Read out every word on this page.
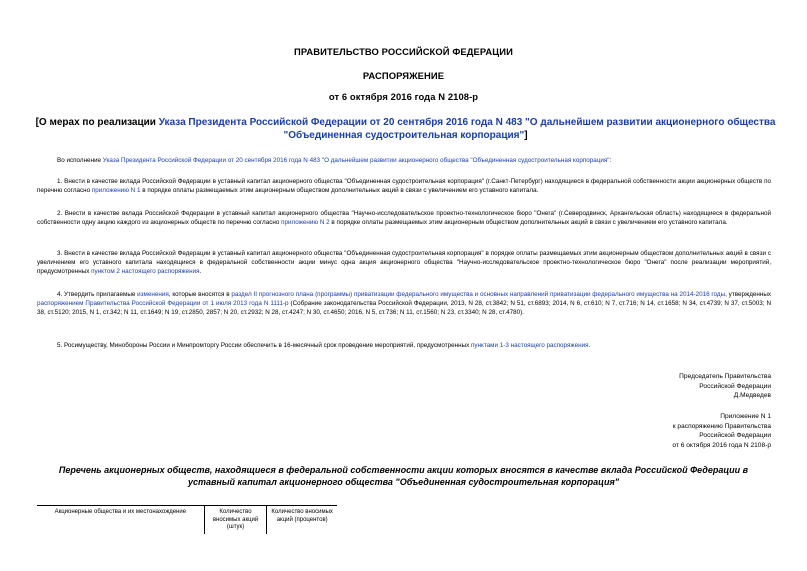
ПРАВИТЕЛЬСТВО РОССИЙСКОЙ ФЕДЕРАЦИИ
РАСПОРЯЖЕНИЕ
от 6 октября 2016 года N 2108-р
[О мерах по реализации Указа Президента Российской Федерации от 20 сентября 2016 года N 483 "О дальнейшем развитии акционерного общества "Объединенная судостроительная корпорация"]
Во исполнение Указа Президента Российской Федерации от 20 сентября 2016 года N 483 "О дальнейшем развитии акционерного общества "Объединенная судостроительная корпорация":
1. Внести в качестве вклада Российской Федерации в уставный капитал акционерного общества "Объединенная судостроительная корпорация" (г.Санкт-Петербург) находящиеся в федеральной собственности акции акционерных обществ по перечню согласно приложению N 1 в порядке оплаты размещаемых этим акционерным обществом дополнительных акций в связи с увеличением его уставного капитала.
2. Внести в качестве вклада Российской Федерации в уставный капитал акционерного общества "Научно-исследовательское проектно-технологическое бюро "Онега" (г.Северодвинск, Архангельская область) находящиеся в федеральной собственности одну акцию каждого из акционерных обществ по перечню согласно приложению N 2 в порядке оплаты размещаемых этим акционерным обществом дополнительных акций в связи с увеличением его уставного капитала.
3. Внести в качестве вклада Российской Федерации в уставный капитал акционерного общества "Объединенная судостроительная корпорация" в порядке оплаты размещаемых этим акционерным обществом дополнительных акций в связи с увеличением его уставного капитала находящиеся в федеральной собственности акции минус одна акция акционерного общества "Научно-исследовательское проектно-технологическое бюро "Онега" после реализации мероприятий, предусмотренных пунктом 2 настоящего распоряжения.
4. Утвердить прилагаемые изменения, которые вносятся в раздел II прогнозного плана (программы) приватизации федерального имущества и основных направлений приватизации федерального имущества на 2014-2016 годы, утвержденных распоряжением Правительства Российской Федерации от 1 июля 2013 года N 1111-р (Собрание законодательства Российской Федерации, 2013, N 28, ст.3842; N 51, ст.6893; 2014, N 6, ст.610; N 7, ст.716; N 14, ст.1658; N 34, ст.4739; N 37, ст.5003; N 38, ст.5120; 2015, N 1, ст.342; N 11, ст.1649; N 19, ст.2850, 2857; N 20, ст.2932; N 28, ст.4247; N 30, ст.4650; 2016, N 5, ст.736; N 11, ст.1560; N 23, ст.3340; N 28, ст.4780).
5. Росимуществу, Минобороны России и Минпромторгу России обеспечить в 16-месячный срок проведение мероприятий, предусмотренных пунктами 1-3 настоящего распоряжения.
Председатель Правительства
Российской Федерации
Д.Медведев
Приложение N 1
к распоряжению Правительства
Российской Федерации
от 6 октября 2016 года N 2108-р
Перечень акционерных обществ, находящиеся в федеральной собственности акции которых вносятся в качестве вклада Российской Федерации в уставный капитал акционерного общества "Объединенная судостроительная корпорация"
Акционерные общества и их местонахождение	Количество вносимых акций (штук)	Количество вносимых акций (процентов)
